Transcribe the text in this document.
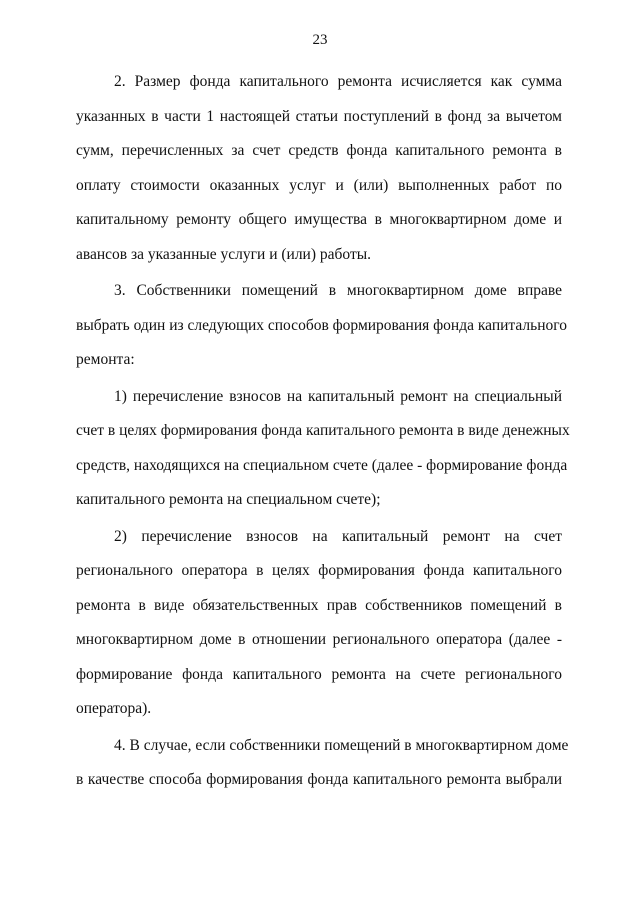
23
2. Размер фонда капитального ремонта исчисляется как сумма
указанных в части 1 настоящей статьи поступлений в фонд за вычетом
сумм, перечисленных за счет средств фонда капитального ремонта в
оплату стоимости оказанных услуг и (или) выполненных работ по
капитальному ремонту общего имущества в многоквартирном доме и
авансов за указанные услуги и (или) работы.
3. Собственники помещений в многоквартирном доме вправе
выбрать один из следующих способов формирования фонда капитального
ремонта:
1) перечисление взносов на капитальный ремонт на специальный
счет в целях формирования фонда капитального ремонта в виде денежных
средств, находящихся на специальном счете (далее - формирование фонда
капитального ремонта на специальном счете);
2) перечисление взносов на капитальный ремонт на счет
регионального оператора в целях формирования фонда капитального
ремонта в виде обязательственных прав собственников помещений в
многоквартирном доме в отношении регионального оператора (далее -
формирование фонда капитального ремонта на счете регионального
оператора).
4. В случае, если собственники помещений в многоквартирном доме
в качестве способа формирования фонда капитального ремонта выбрали
